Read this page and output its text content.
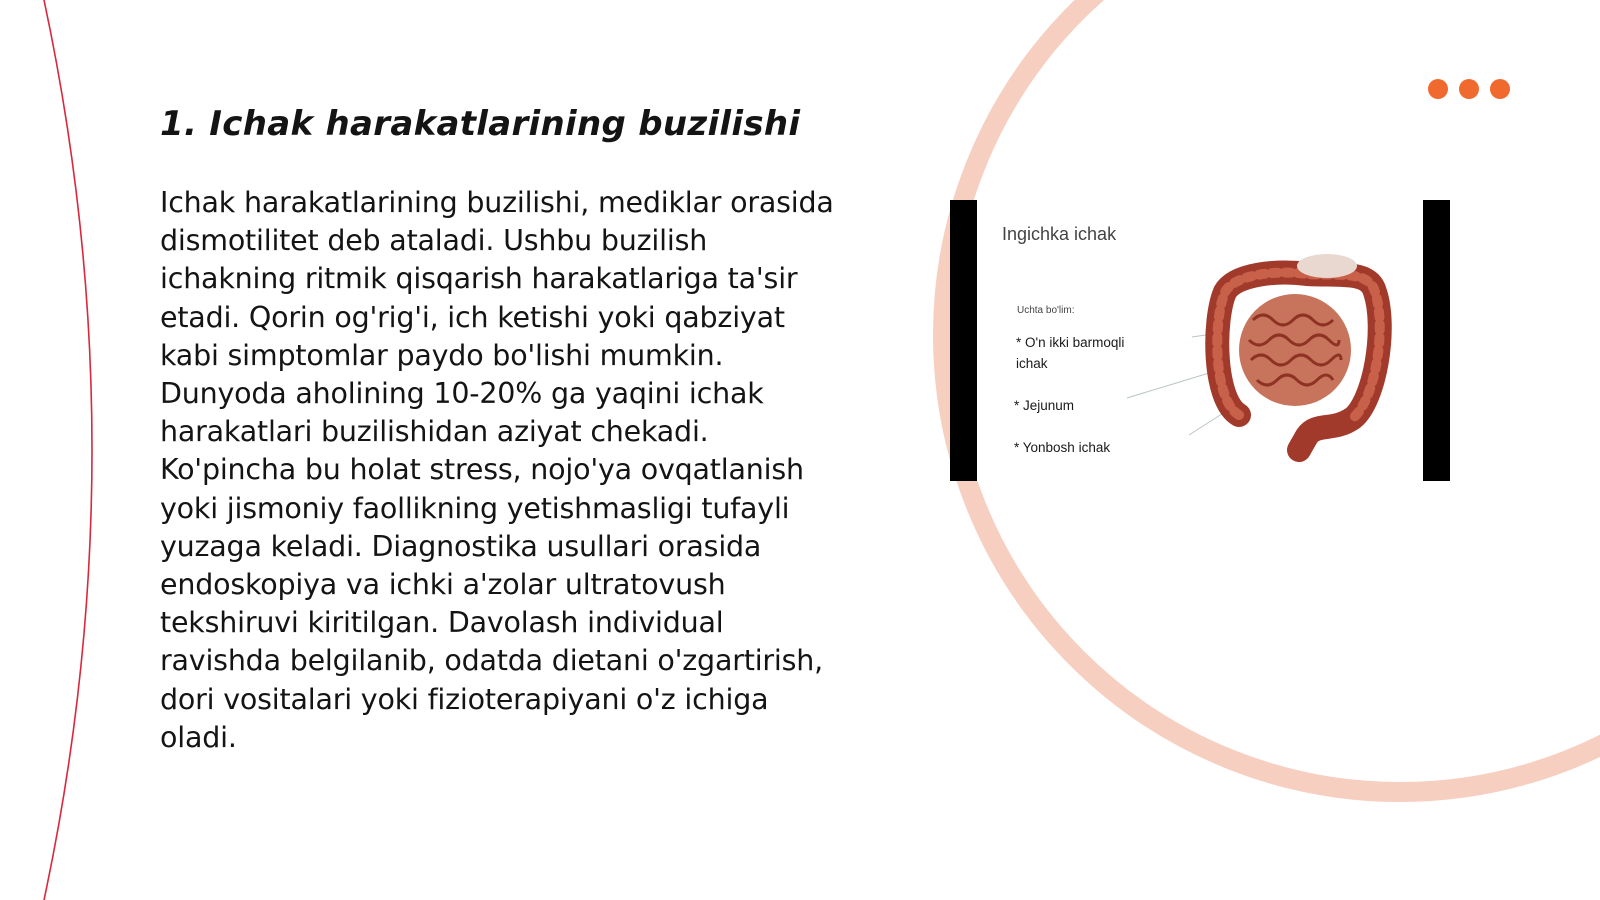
1. Ichak harakatlarining buzilishi

Ichak harakatlarining buzilishi, mediklar orasida dismotilitet deb ataladi. Ushbu buzilish ichakning ritmik qisqarish harakatlariga ta'sir etadi. Qorin og'rig'i, ich ketishi yoki qabziyat kabi simptomlar paydo bo'lishi mumkin. Dunyoda aholining 10-20% ga yaqini ichak harakatlari buzilishidan aziyat chekadi. Ko'pincha bu holat stress, nojo'ya ovqatlanish yoki jismoniy faollikning yetishmasligi tufayli yuzaga keladi. Diagnostika usullari orasida endoskopiya va ichki a'zolar ultratovush tekshiruvi kiritilgan. Davolash individual ravishda belgilanib, odatda dietani o'zgartirish, dori vositalari yoki fizioterapiyani o'z ichiga oladi.

Ingichka ichak
Uchta bo'lim:
* O'n ikki barmoqli ichak
* Jejunum
* Yonbosh ichak
